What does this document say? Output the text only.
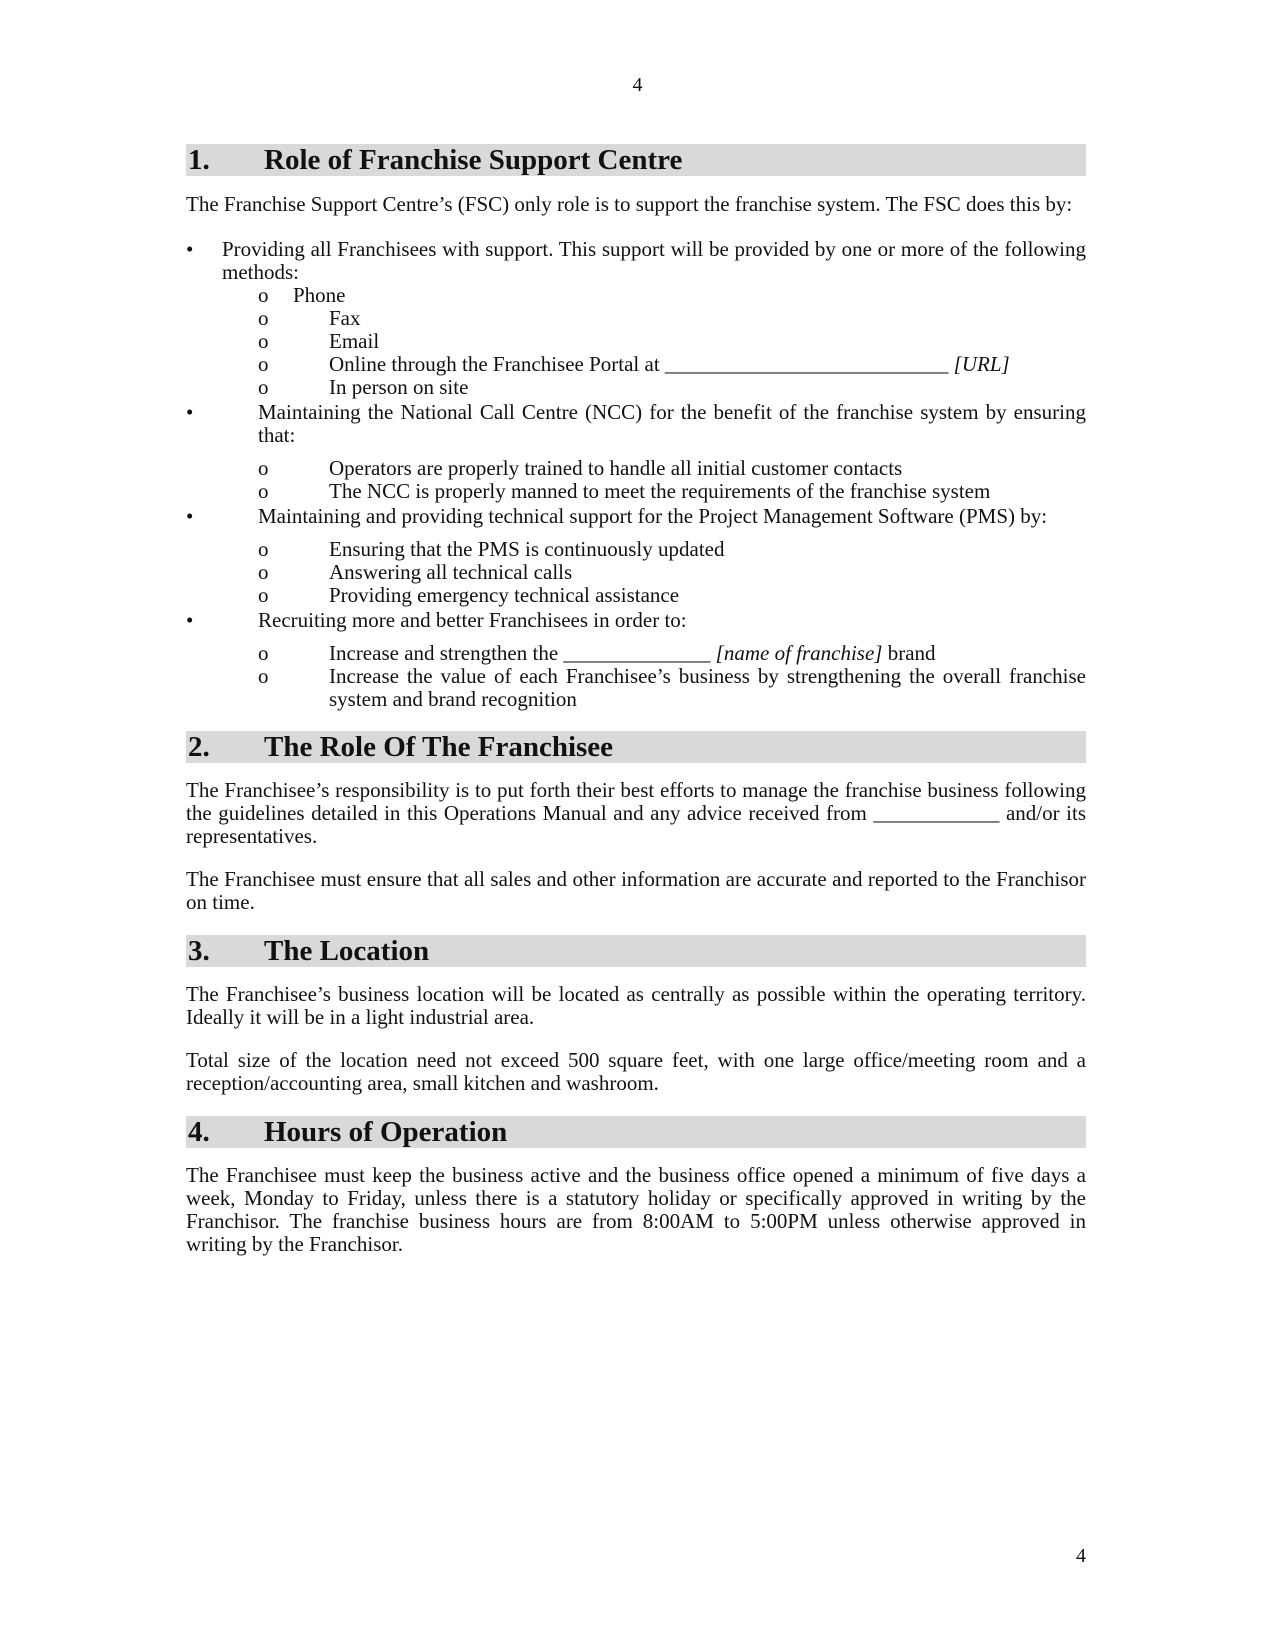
4
1.	Role of Franchise Support Centre

The Franchise Support Centre’s (FSC) only role is to support the franchise system. The FSC does this by:

• Providing all Franchisees with support. This support will be provided by one or more of the following methods:
o Phone
o	Fax
o	Email
o	Online through the Franchisee Portal at ___________________________ [URL]
o	In person on site
•	Maintaining the National Call Centre (NCC) for the benefit of the franchise system by ensuring that:
o	Operators are properly trained to handle all initial customer contacts
o	The NCC is properly manned to meet the requirements of the franchise system
•	Maintaining and providing technical support for the Project Management Software (PMS) by:
o	Ensuring that the PMS is continuously updated
o	Answering all technical calls
o	Providing emergency technical assistance
•	Recruiting more and better Franchisees in order to:
o	Increase and strengthen the ______________ [name of franchise] brand
o	Increase the value of each Franchisee’s business by strengthening the overall franchise system and brand recognition
2.	The Role Of The Franchisee

The Franchisee’s responsibility is to put forth their best efforts to manage the franchise business following the guidelines detailed in this Operations Manual and any advice received from ____________ and/or its representatives.

The Franchisee must ensure that all sales and other information are accurate and reported to the Franchisor on time.

3.	The Location

The Franchisee’s business location will be located as centrally as possible within the operating territory. Ideally it will be in a light industrial area.

Total size of the location need not exceed 500 square feet, with one large office/meeting room and a reception/accounting area, small kitchen and washroom.

4.	Hours of Operation

The Franchisee must keep the business active and the business office opened a minimum of five days a week, Monday to Friday, unless there is a statutory holiday or specifically approved in writing by the Franchisor. The franchise business hours are from 8:00AM to 5:00PM unless otherwise approved in writing by the Franchisor.

4
